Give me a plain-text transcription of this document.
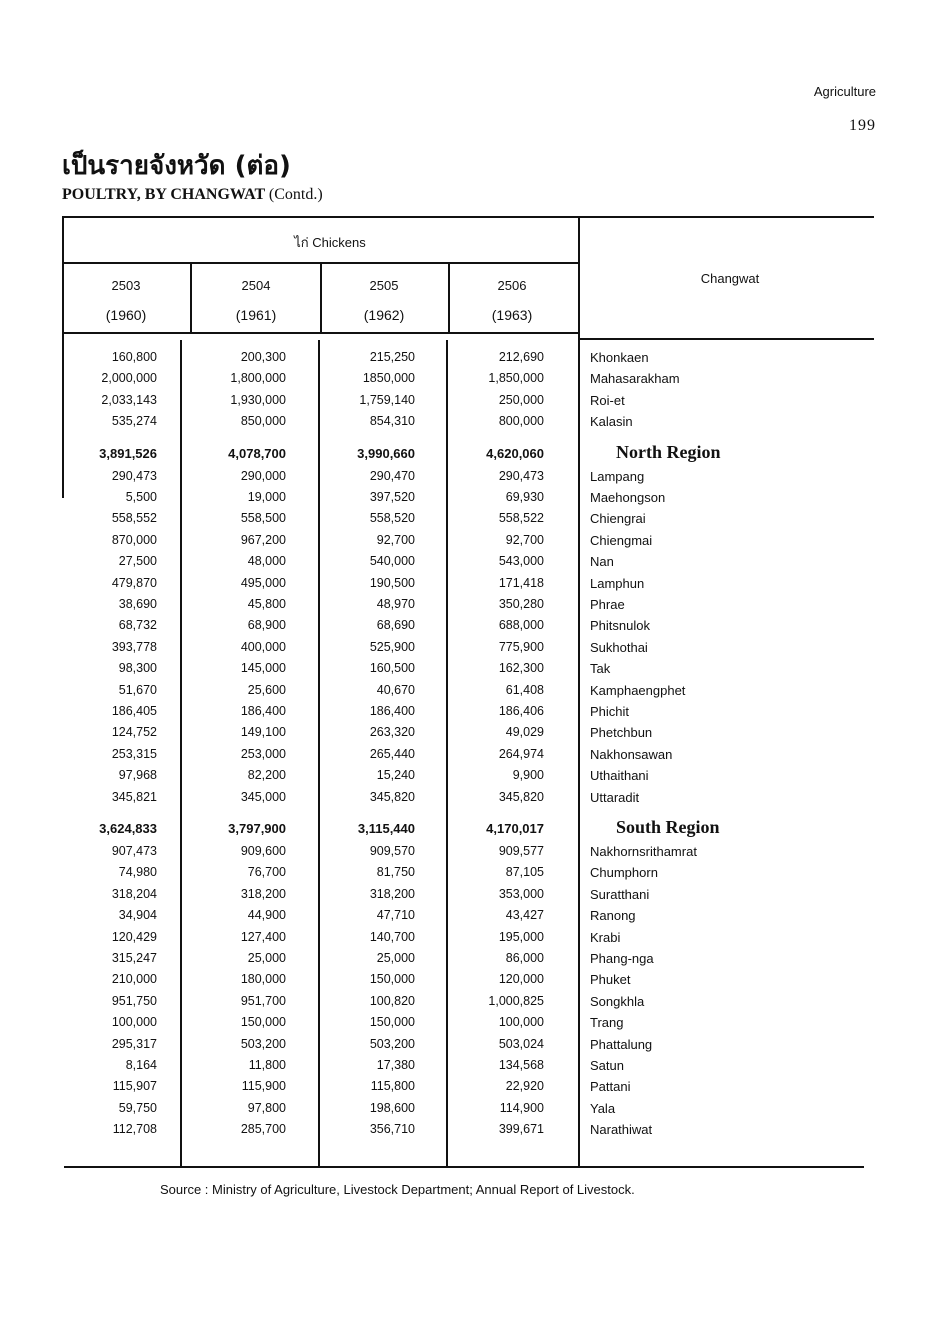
Agriculture
199
เป็นรายจังหวัด (ต่อ)
POULTRY, BY CHANGWAT (Contd.)
ไก่ Chickens
2503
(1960)
2504
(1961)
2505
(1962)
2506
(1963)
Changwat
160,800	200,300	215,250	212,690	Khonkaen
2,000,000	1,800,000	1850,000	1,850,000	Mahasarakham
2,033,143	1,930,000	1,759,140	250,000	Roi-et
535,274	850,000	854,310	800,000	Kalasin
3,891,526	4,078,700	3,990,660	4,620,060	North Region
290,473	290,000	290,470	290,473	Lampang
5,500	19,000	397,520	69,930	Maehongson
558,552	558,500	558,520	558,522	Chiengrai
870,000	967,200	92,700	92,700	Chiengmai
27,500	48,000	540,000	543,000	Nan
479,870	495,000	190,500	171,418	Lamphun
38,690	45,800	48,970	350,280	Phrae
68,732	68,900	68,690	688,000	Phitsnulok
393,778	400,000	525,900	775,900	Sukhothai
98,300	145,000	160,500	162,300	Tak
51,670	25,600	40,670	61,408	Kamphaengphet
186,405	186,400	186,400	186,406	Phichit
124,752	149,100	263,320	49,029	Phetchbun
253,315	253,000	265,440	264,974	Nakhonsawan
97,968	82,200	15,240	9,900	Uthaithani
345,821	345,000	345,820	345,820	Uttaradit
3,624,833	3,797,900	3,115,440	4,170,017	South Region
907,473	909,600	909,570	909,577	Nakhornsrithamrat
74,980	76,700	81,750	87,105	Chumphorn
318,204	318,200	318,200	353,000	Suratthani
34,904	44,900	47,710	43,427	Ranong
120,429	127,400	140,700	195,000	Krabi
315,247	25,000	25,000	86,000	Phang-nga
210,000	180,000	150,000	120,000	Phuket
951,750	951,700	100,820	1,000,825	Songkhla
100,000	150,000	150,000	100,000	Trang
295,317	503,200	503,200	503,024	Phattalung
8,164	11,800	17,380	134,568	Satun
115,907	115,900	115,800	22,920	Pattani
59,750	97,800	198,600	114,900	Yala
112,708	285,700	356,710	399,671	Narathiwat
Source : Ministry of Agriculture, Livestock Department; Annual Report of Livestock.
